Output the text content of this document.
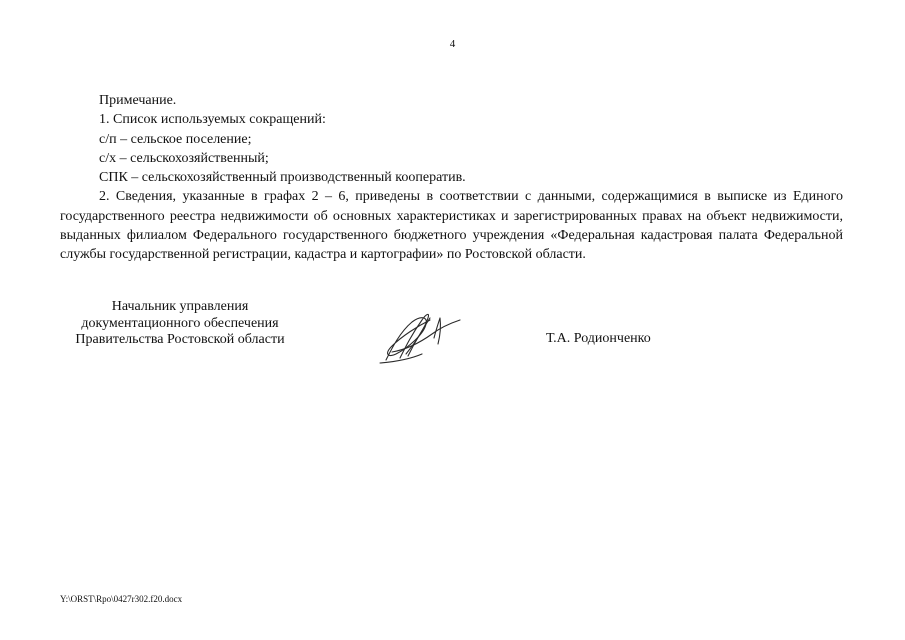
4

Примечание.

1. Список используемых сокращений:

с/п – сельское поселение;

с/х – сельскохозяйственный;

СПК – сельскохозяйственный производственный кооператив.

2. Сведения, указанные в графах 2 – 6, приведены в соответствии с данными, содержащимися в выписке из Единого государственного реестра недвижимости об основных характеристиках и зарегистрированных правах на объект недвижимости, выданных филиалом Федерального государственного бюджетного учреждения «Федеральная кадастровая палата Федеральной службы государственной регистрации, кадастра и картографии» по Ростовской области.

Начальник управления
документационного обеспечения
Правительства Ростовской области	Т.А. Родионченко
Y:\ORST\Rpo\0427r302.f20.docx
